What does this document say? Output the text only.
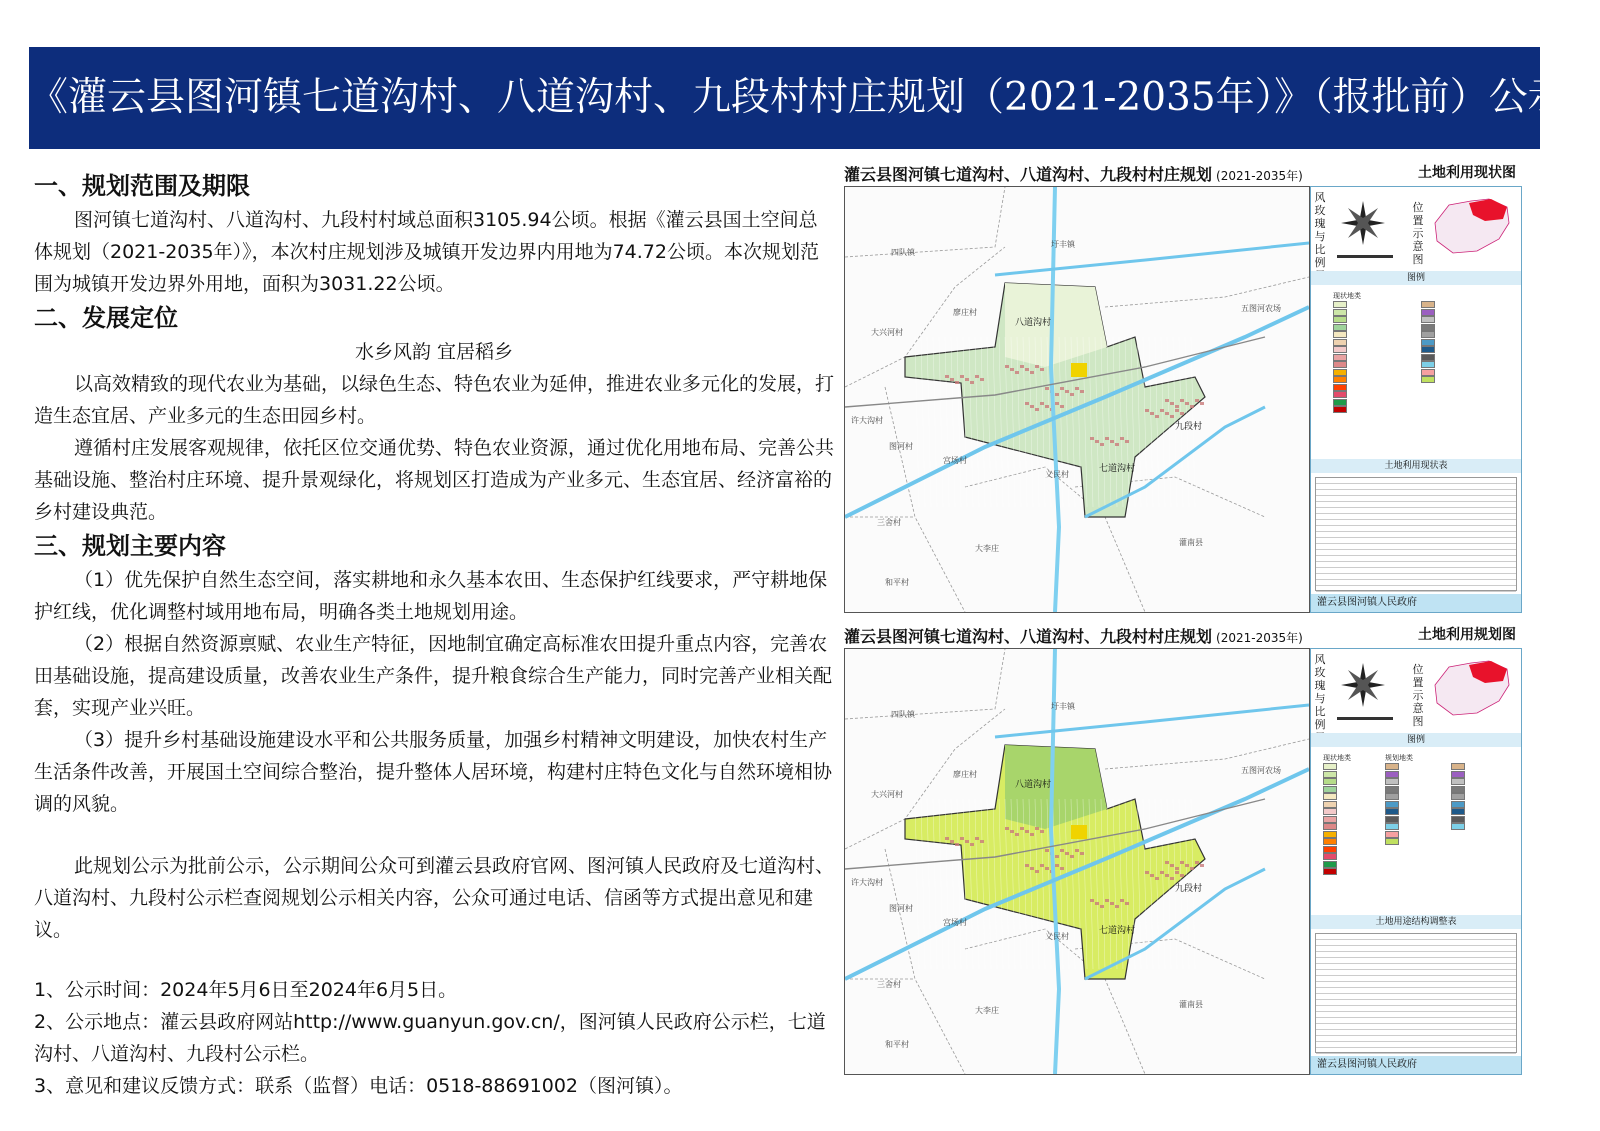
《灌云县图河镇七道沟村、八道沟村、九段村村庄规划（2021-2035年）》（报批前）公示
一、规划范围及期限

图河镇七道沟村、八道沟村、九段村村域总面积3105.94公顷。根据《灌云县国土空间总体规划（2021-2035年）》，本次村庄规划涉及城镇开发边界内用地为74.72公顷。本次规划范围为城镇开发边界外用地，面积为3031.22公顷。

二、发展定位

水乡风韵 宜居稻乡

以高效精致的现代农业为基础，以绿色生态、特色农业为延伸，推进农业多元化的发展，打造生态宜居、产业多元的生态田园乡村。

遵循村庄发展客观规律，依托区位交通优势、特色农业资源，通过优化用地布局、完善公共基础设施、整治村庄环境、提升景观绿化，将规划区打造成为产业多元、生态宜居、经济富裕的乡村建设典范。

三、规划主要内容

（1）优先保护自然生态空间，落实耕地和永久基本农田、生态保护红线要求，严守耕地保护红线，优化调整村域用地布局，明确各类土地规划用途。

（2）根据自然资源禀赋、农业生产特征，因地制宜确定高标准农田提升重点内容，完善农田基础设施，提高建设质量，改善农业生产条件，提升粮食综合生产能力，同时完善产业相关配套，实现产业兴旺。

（3）提升乡村基础设施建设水平和公共服务质量，加强乡村精神文明建设，加快农村生产生活条件改善，开展国土空间综合整治，提升整体人居环境，构建村庄特色文化与自然环境相协调的风貌。

此规划公示为批前公示，公示期间公众可到灌云县政府官网、图河镇人民政府及七道沟村、八道沟村、九段村公示栏查阅规划公示相关内容，公众可通过电话、信函等方式提出意见和建议。

1、公示时间：2024年5月6日至2024年6月5日。

2、公示地点：灌云县政府网站http://www.guanyun.gov.cn/，图河镇人民政府公示栏，七道沟村、八道沟村、九段村公示栏。

3、意见和建议反馈方式：联系（监督）电话：0518-88691002（图河镇）。

灌云县图河镇七道沟村、八道沟村、九段村村庄规划 (2021-2035年)	土地利用现状图
四队镇
圩丰镇
大兴河村
廖庄村
八道沟村
五图河农场
许大沟村
图河村
宫场村
九段村
七道沟村
义民村
灌南县
三舍村
大李庄
和平村
风玫瑰与比例
位置示意图
图例
现状地类
土地利用现状表
灌云县图河镇人民政府
灌云县图河镇七道沟村、八道沟村、九段村村庄规划 (2021-2035年)	土地利用规划图
四队镇
圩丰镇
大兴河村
廖庄村
八道沟村
五图河农场
许大沟村
图河村
宫场村
九段村
七道沟村
义民村
灌南县
三舍村
大李庄
和平村
风玫瑰与比例
位置示意图
图例
现状地类	规划地类
土地用途结构调整表
灌云县图河镇人民政府
